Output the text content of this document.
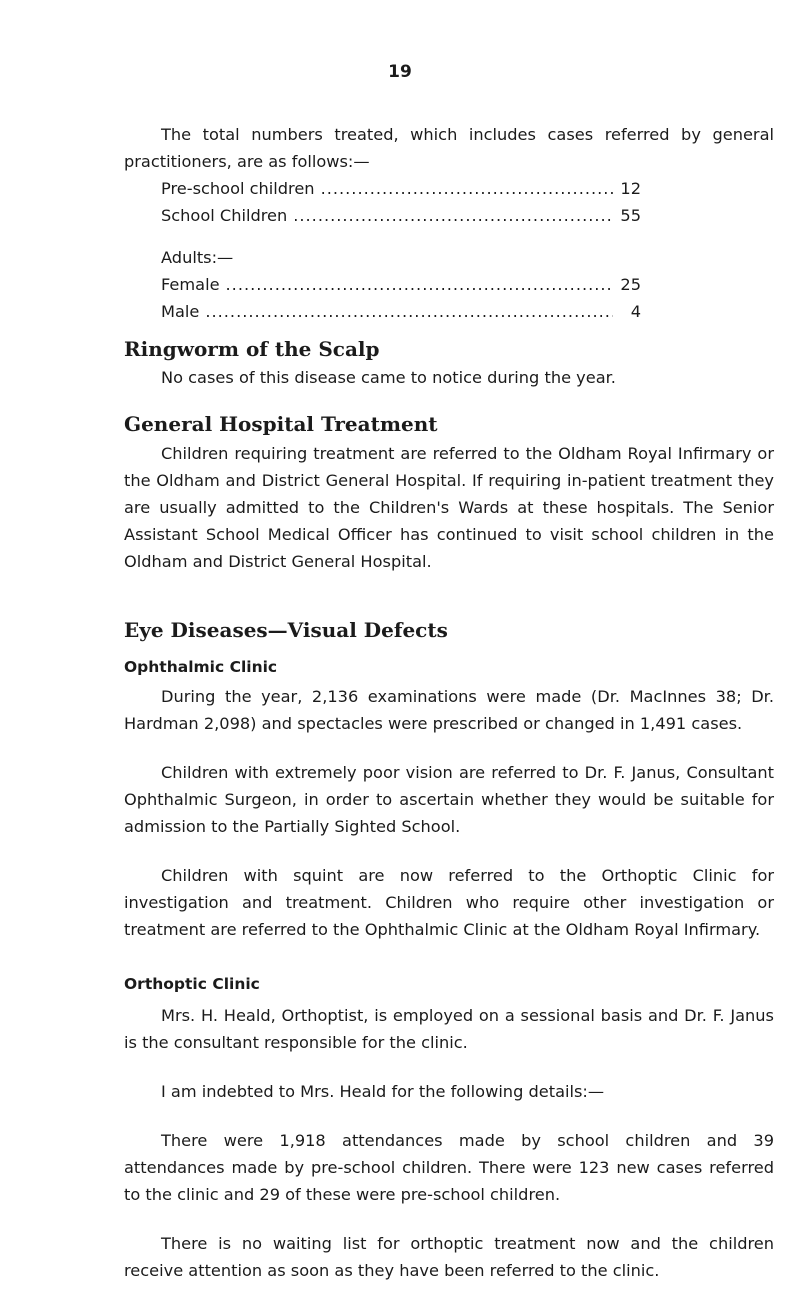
19

The total numbers treated, which includes cases referred by general practitioners, are as follows:—

Pre-school children .....	12
School Children .....	55
Adults:—
Female .....	25
Male .....	4
Ringworm of the Scalp

No cases of this disease came to notice during the year.

General Hospital Treatment

Children requiring treatment are referred to the Oldham Royal Infirmary or the Oldham and District General Hospital. If requiring in-patient treatment they are usually admitted to the Children's Wards at these hospitals. The Senior Assistant School Medical Officer has continued to visit school children in the Oldham and District General Hospital.

Eye Diseases—Visual Defects
Ophthalmic Clinic

During the year, 2,136 examinations were made (Dr. MacInnes 38; Dr. Hardman 2,098) and spectacles were prescribed or changed in 1,491 cases.

Children with extremely poor vision are referred to Dr. F. Janus, Consultant Ophthalmic Surgeon, in order to ascertain whether they would be suitable for admission to the Partially Sighted School.

Children with squint are now referred to the Orthoptic Clinic for investigation and treatment. Children who require other investigation or treatment are referred to the Ophthalmic Clinic at the Oldham Royal Infirmary.

Orthoptic Clinic

Mrs. H. Heald, Orthoptist, is employed on a sessional basis and Dr. F. Janus is the consultant responsible for the clinic.

I am indebted to Mrs. Heald for the following details:—

There were 1,918 attendances made by school children and 39 attendances made by pre-school children. There were 123 new cases referred to the clinic and 29 of these were pre-school children.

There is no waiting list for orthoptic treatment now and the children receive attention as soon as they have been referred to the clinic.
